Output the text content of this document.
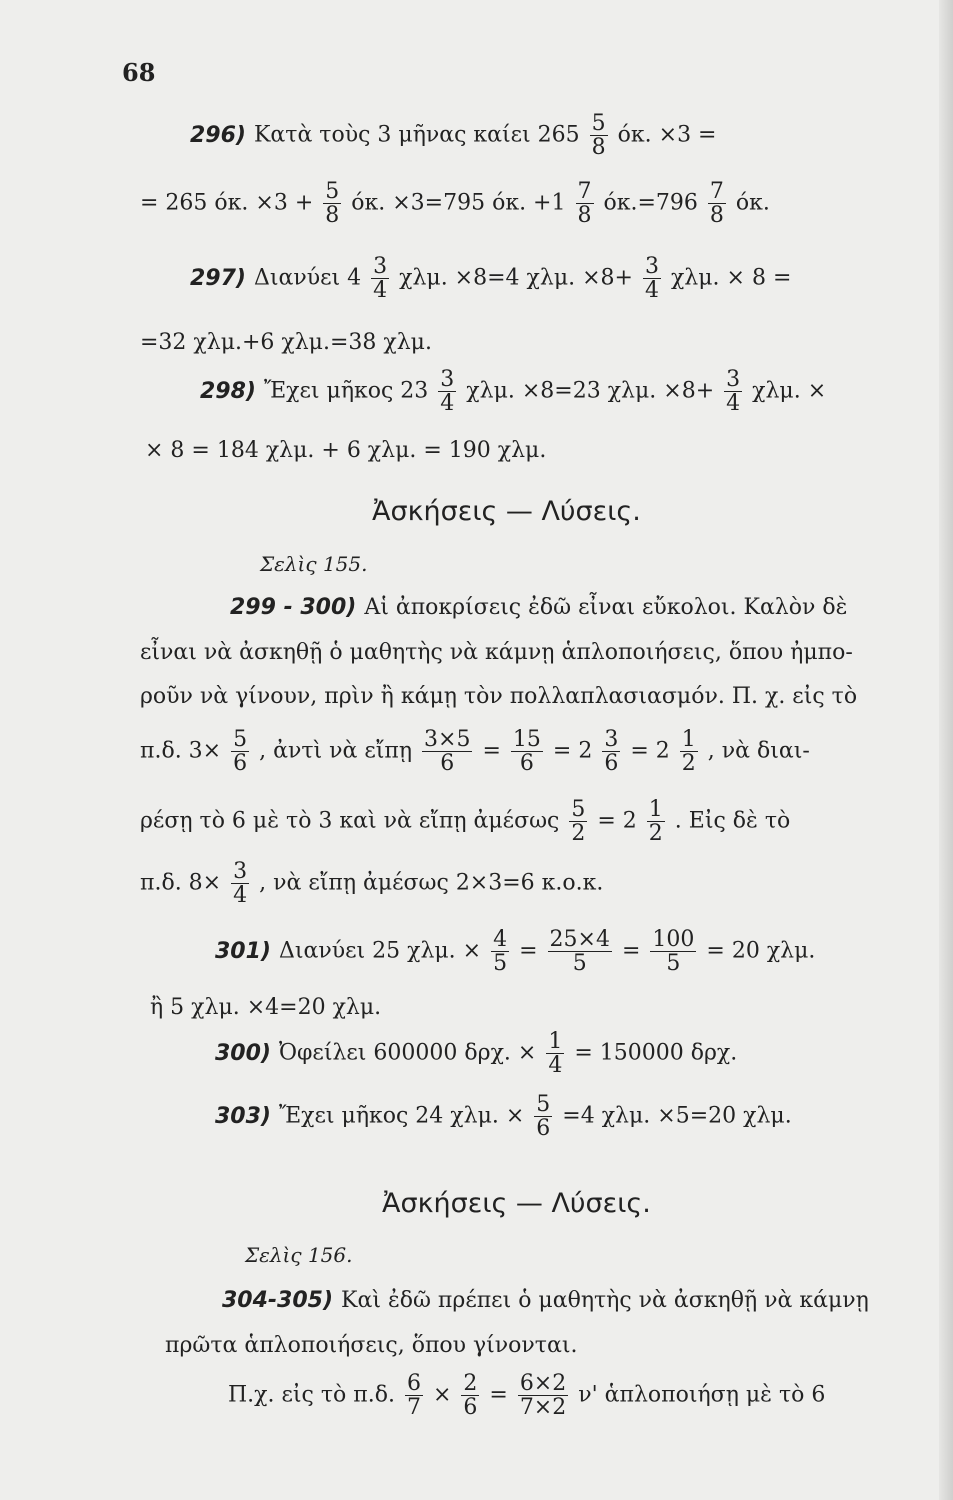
68
296) Κατὰ τοὺς 3 μῆνας καίει $265 \frac{5}{8} ό\kappa$. ×3 =
= 265 όκ. $\times 3 + \frac{5}{8} ό\kappa$. ×3=795 όκ. $+1 \frac{7}{8} ό\kappa.=796 \frac{7}{8} ό\kappa$.
297) Διανύει $4 \frac{3}{4} \chi\lambda\mu$. ×8=4 χλμ. $\times 8+ \frac{3}{4} \chi\lambda\mu$. × 8 =
=32 χλμ.+6 χλμ.=38 χλμ.
298) Ἔχει μῆκος $23 \frac{3}{4} \chi\lambda\mu$. ×8=23 χλμ. $\times 8+ \frac{3}{4} \chi\lambda\mu$. ×
× 8 = 184 χλμ. + 6 χλμ. = 190 χλμ.
Ἀσκήσεις — Λύσεις.
Σελὶς 155.
299 - 300) Αἱ ἀποκρίσεις ἐδῶ εἶναι εὔκολοι. Καλὸν δὲ
εἶναι νὰ ἀσκηθῇ ὁ μαθητὴς νὰ κάμνῃ ἁπλοποιήσεις, ὅπου ἠμπο-
ροῦν νὰ γίνουν, πρὶν ἢ κάμῃ τὸν πολλαπλασιασμόν. Π. χ. εἰς τὸ
π.δ. $3\times \frac{5}{6}$ , ἀντὶ νὰ εἴπῃ $\frac{3\times 5}{6} = \frac{15}{6} = 2 \frac{3}{6} = 2 \frac{1}{2}$ , νὰ διαι-
ρέσῃ τὸ 6 μὲ τὸ 3 καὶ νὰ εἴπῃ ἀμέσως $\frac{5}{2} = 2 \frac{1}{2}$ . Εἰς δὲ τὸ
π.δ. $8\times \frac{3}{4}$ , νὰ εἴπῃ ἀμέσως 2×3=6 κ.ο.κ.
301) Διανύει 25 χλμ. × $\frac{4}{5} = \frac{25\times 4}{5} = \frac{100}{5} = 20$ χλμ.
ἢ 5 χλμ. ×4=20 χλμ.
300) Ὀφείλει 600000 δρχ. × $\frac{1}{4} = 150000$ δρχ.
303) Ἔχει μῆκος 24 χλμ. × $\frac{5}{6} =4$ χλμ. ×5=20 χλμ.
Ἀσκήσεις — Λύσεις.
Σελὶς 156.
304-305) Καὶ ἐδῶ πρέπει ὁ μαθητὴς νὰ ἀσκηθῇ νὰ κάμνῃ
πρῶτα ἁπλοποιήσεις, ὅπου γίνονται.
Π.χ. εἰς τὸ π.δ. $\frac{6}{7} \times \frac{2}{6} = \frac{6\times 2}{7\times 2} \nu'$ ἁπλοποιήσῃ μὲ τὸ 6
